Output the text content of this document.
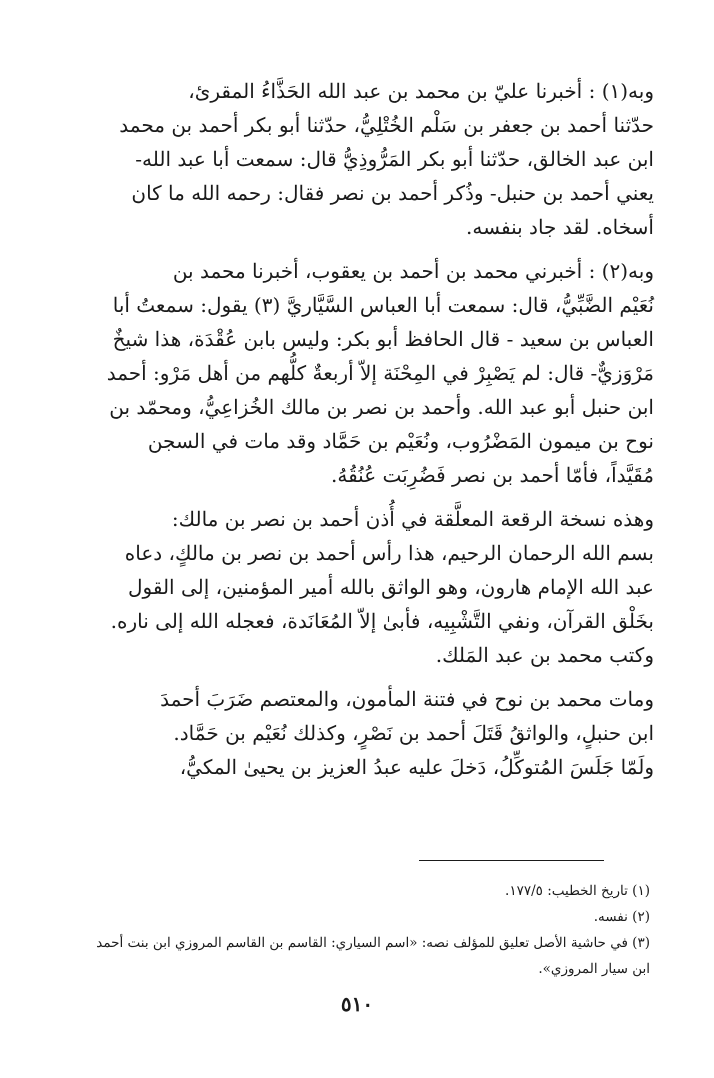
وبه(١) : أخبرنا عليّ بن محمد بن عبد الله الحَذَّاءُ المقرئ،
حدّثنا أحمد بن جعفر بن سَلْم الخُتْلِيُّ، حدّثنا أبو بكر أحمد بن محمد
ابن عبد الخالق، حدّثنا أبو بكر المَرُّوذِيُّ قال: سمعت أبا عبد الله-
يعني أحمد بن حنبل- وذُكر أحمد بن نصر فقال: رحمه الله ما كان
أسخاه. لقد جاد بنفسه.

وبه(٢) : أخبرني محمد بن أحمد بن يعقوب، أخبرنا محمد بن
نُعَيْم الضَّبِّيُّ، قال: سمعت أبا العباس السَّيَّاريَّ (٣) يقول: سمعتُ أبا
العباس بن سعيد - قال الحافظ أبو بكر: وليس بابن عُقْدَة، هذا شيخٌ
مَرْوَزيٌّ- قال: لم يَصْبِرْ في المِحْنَة إلاّ أربعةٌ كلُّهم من أهل مَرْو: أحمد
ابن حنبل أبو عبد الله. وأحمد بن نصر بن مالك الخُزاعِيُّ، ومحمّد بن
نوح بن ميمون المَضْرُوب، ونُعَيْم بن حَمَّاد وقد مات في السجن
مُقَيَّداً، فأمّا أحمد بن نصر فَضُرِبَت عُنُقُهُ.

وهذه نسخة الرقعة المعلَّقة في أُذن أحمد بن نصر بن مالك:
بسم الله الرحمان الرحيم، هذا رأس أحمد بن نصر بن مالكٍ، دعاه
عبد الله الإمام هارون، وهو الواثق بالله أمير المؤمنين، إلى القول
بخَلْق القرآن، ونفي التَّشْبِيه، فأبىٰ إلاّ المُعَانَدة، فعجله الله إلى ناره.
وكتب محمد بن عبد المَلك.

ومات محمد بن نوح في فتنة المأمون، والمعتصم ضَرَبَ أحمدَ
ابن حنبلٍ، والواثقُ قَتَلَ أحمد بن نَصْرٍ، وكذلك نُعَيْم بن حَمَّاد.
ولَمّا جَلَسَ المُتوكِّلُ، دَخلَ عليه عبدُ العزيز بن يحيىٰ المكيُّ،

(١) تاريخ الخطيب: ١٧٧/٥.
(٢) نفسه.
(٣) في حاشية الأصل تعليق للمؤلف نصه: «اسم السياري: القاسم بن القاسم المروزي ابن بنت أحمد
ابن سيار المروزي».
٥١٠
